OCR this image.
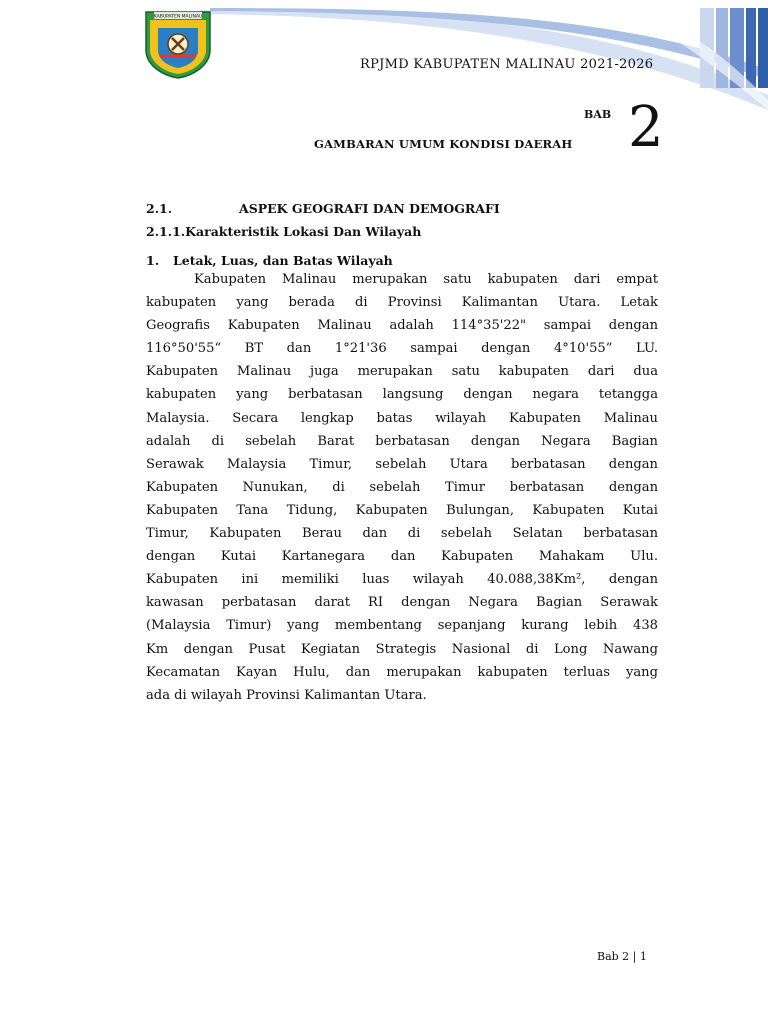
KABUPATEN MALINAU
RPJMD KABUPATEN MALINAU 2021-2026
BAB 2
GAMBARAN UMUM KONDISI DAERAH
2.1.	ASPEK GEOGRAFI DAN DEMOGRAFI
2.1.1.Karakteristik Lokasi Dan Wilayah
1. Letak, Luas, dan Batas Wilayah
Kabupaten Malinau merupakan satu kabupaten dari empat
kabupaten yang berada di Provinsi Kalimantan Utara. Letak
Geografis Kabupaten Malinau adalah 114°35'22" sampai dengan
116°50'55“ BT dan 1°21'36 sampai dengan 4°10'55” LU.
Kabupaten Malinau juga merupakan satu kabupaten dari dua
kabupaten yang berbatasan langsung dengan negara tetangga
Malaysia. Secara lengkap batas wilayah Kabupaten Malinau
adalah di sebelah Barat berbatasan dengan Negara Bagian
Serawak Malaysia Timur, sebelah Utara berbatasan dengan
Kabupaten Nunukan, di sebelah Timur berbatasan dengan
Kabupaten Tana Tidung, Kabupaten Bulungan, Kabupaten Kutai
Timur, Kabupaten Berau dan di sebelah Selatan berbatasan
dengan Kutai Kartanegara dan Kabupaten Mahakam Ulu.
Kabupaten ini memiliki luas wilayah 40.088,38Km², dengan
kawasan perbatasan darat RI dengan Negara Bagian Serawak
(Malaysia Timur) yang membentang sepanjang kurang lebih 438
Km dengan Pusat Kegiatan Strategis Nasional di Long Nawang
Kecamatan Kayan Hulu, dan merupakan kabupaten terluas yang
ada di wilayah Provinsi Kalimantan Utara.
Bab 2 | 1
